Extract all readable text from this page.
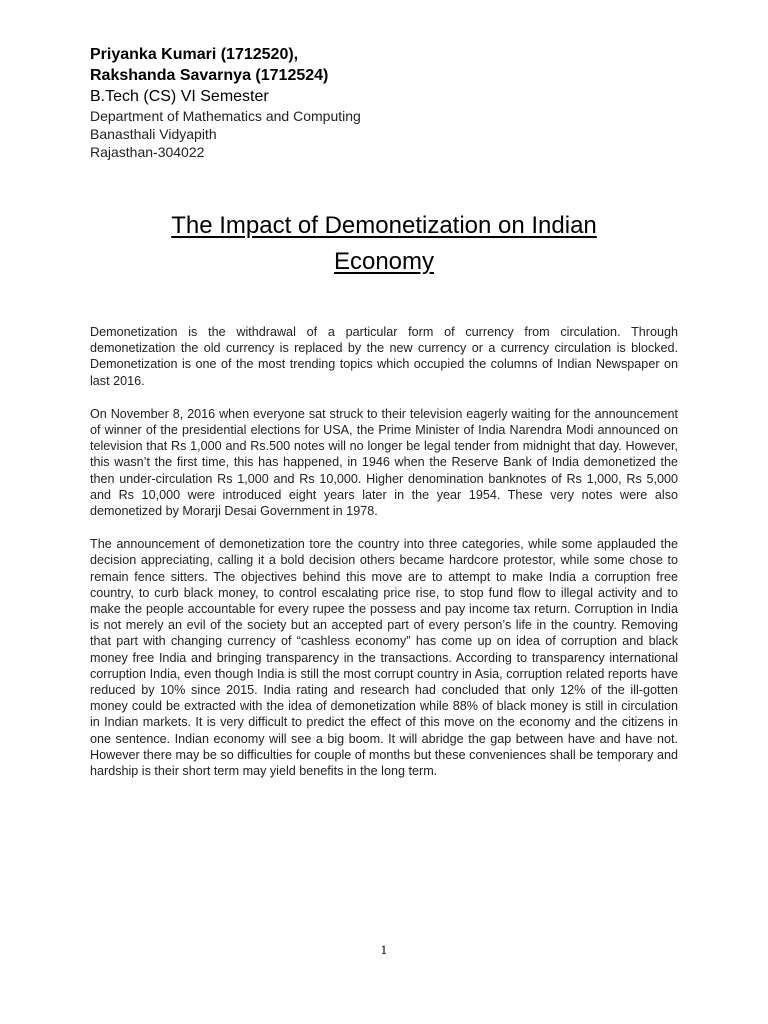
Priyanka Kumari (1712520),
Rakshanda Savarnya (1712524)
B.Tech (CS) VI Semester
Department of Mathematics and Computing
Banasthali Vidyapith
Rajasthan-304022
The Impact of Demonetization on Indian
Economy

Demonetization is the withdrawal of a particular form of currency from circulation. Through demonetization the old currency is replaced by the new currency or a currency circulation is blocked. Demonetization is one of the most trending topics which occupied the columns of Indian Newspaper on last 2016.

On November 8, 2016 when everyone sat struck to their television eagerly waiting for the announcement of winner of the presidential elections for USA, the Prime Minister of India Narendra Modi announced on television that Rs 1,000 and Rs.500 notes will no longer be legal tender from midnight that day. However, this wasn’t the first time, this has happened, in 1946 when the Reserve Bank of India demonetized the then under-circulation Rs 1,000 and Rs 10,000. Higher denomination banknotes of Rs 1,000, Rs 5,000 and Rs 10,000 were introduced eight years later in the year 1954. These very notes were also demonetized by Morarji Desai Government in 1978.

The announcement of demonetization tore the country into three categories, while some applauded the decision appreciating, calling it a bold decision others became hardcore protestor, while some chose to remain fence sitters. The objectives behind this move are to attempt to make India a corruption free country, to curb black money, to control escalating price rise, to stop fund flow to illegal activity and to make the people accountable for every rupee the possess and pay income tax return. Corruption in India is not merely an evil of the society but an accepted part of every person’s life in the country. Removing that part with changing currency of “cashless economy” has come up on idea of corruption and black money free India and bringing transparency in the transactions. According to transparency international corruption India, even though India is still the most corrupt country in Asia, corruption related reports have reduced by 10% since 2015. India rating and research had concluded that only 12% of the ill-gotten money could be extracted with the idea of demonetization while 88% of black money is still in circulation in Indian markets. It is very difficult to predict the effect of this move on the economy and the citizens in one sentence. Indian economy will see a big boom. It will abridge the gap between have and have not. However there may be so difficulties for couple of months but these conveniences shall be temporary and hardship is their short term may yield benefits in the long term.

1
